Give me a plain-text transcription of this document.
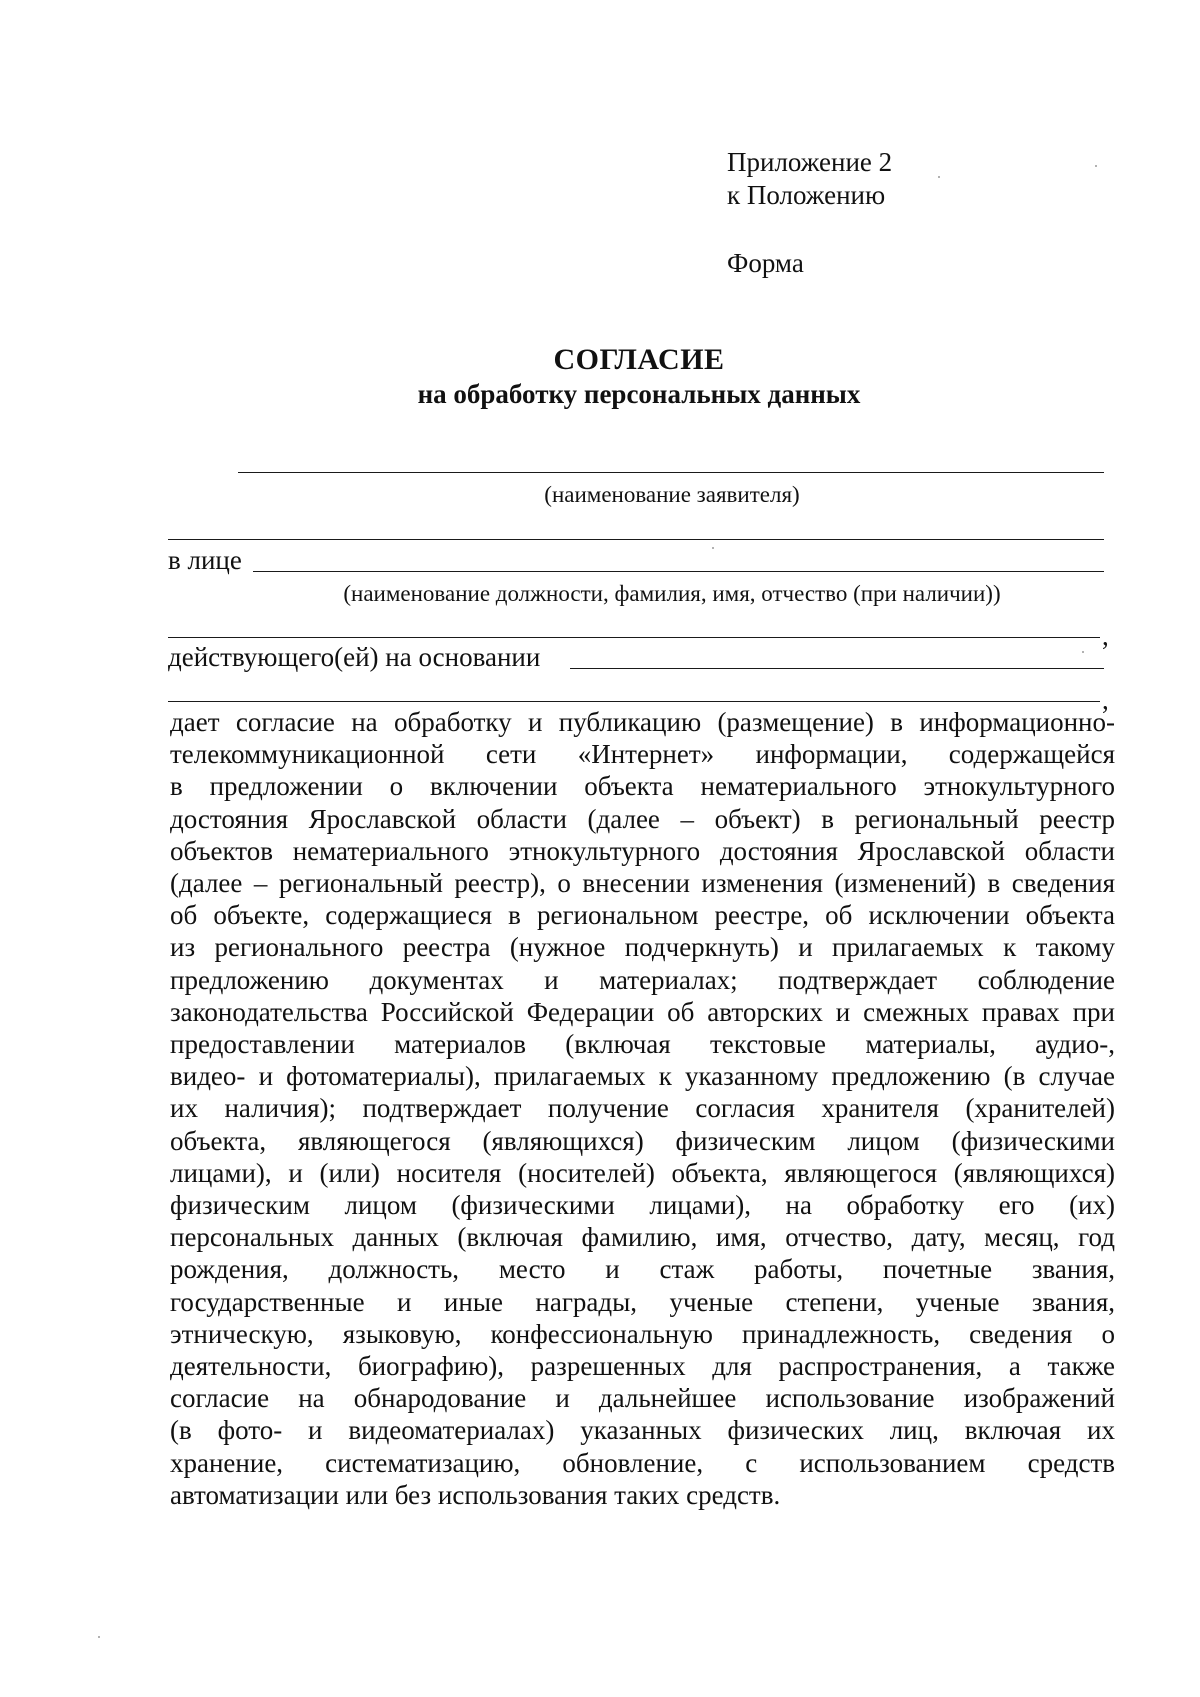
Приложение 2
к Положению
Форма
СОГЛАСИЕ
на обработку персональных данных
(наименование заявителя)
в лице
(наименование должности, фамилия, имя, отчество (при наличии))
,
действующего(ей) на основании
,
дает согласие на обработку и публикацию (размещение) в информационно-
телекоммуникационной сети «Интернет» информации, содержащейся
в предложении о включении объекта нематериального этнокультурного
достояния Ярославской области (далее – объект) в региональный реестр
объектов нематериального этнокультурного достояния Ярославской области
(далее – региональный реестр), о внесении изменения (изменений) в сведения
об объекте, содержащиеся в региональном реестре, об исключении объекта
из регионального реестра (нужное подчеркнуть) и прилагаемых к такому
предложению документах и материалах; подтверждает соблюдение
законодательства Российской Федерации об авторских и смежных правах при
предоставлении материалов (включая текстовые материалы, аудио-,
видео- и фотоматериалы), прилагаемых к указанному предложению (в случае
их наличия); подтверждает получение согласия хранителя (хранителей)
объекта, являющегося (являющихся) физическим лицом (физическими
лицами), и (или) носителя (носителей) объекта, являющегося (являющихся)
физическим лицом (физическими лицами), на обработку его (их)
персональных данных (включая фамилию, имя, отчество, дату, месяц, год
рождения, должность, место и стаж работы, почетные звания,
государственные и иные награды, ученые степени, ученые звания,
этническую, языковую, конфессиональную принадлежность, сведения о
деятельности, биографию), разрешенных для распространения, а также
согласие на обнародование и дальнейшее использование изображений
(в фото- и видеоматериалах) указанных физических лиц, включая их
хранение, систематизацию, обновление, с использованием средств
автоматизации или без использования таких средств.
